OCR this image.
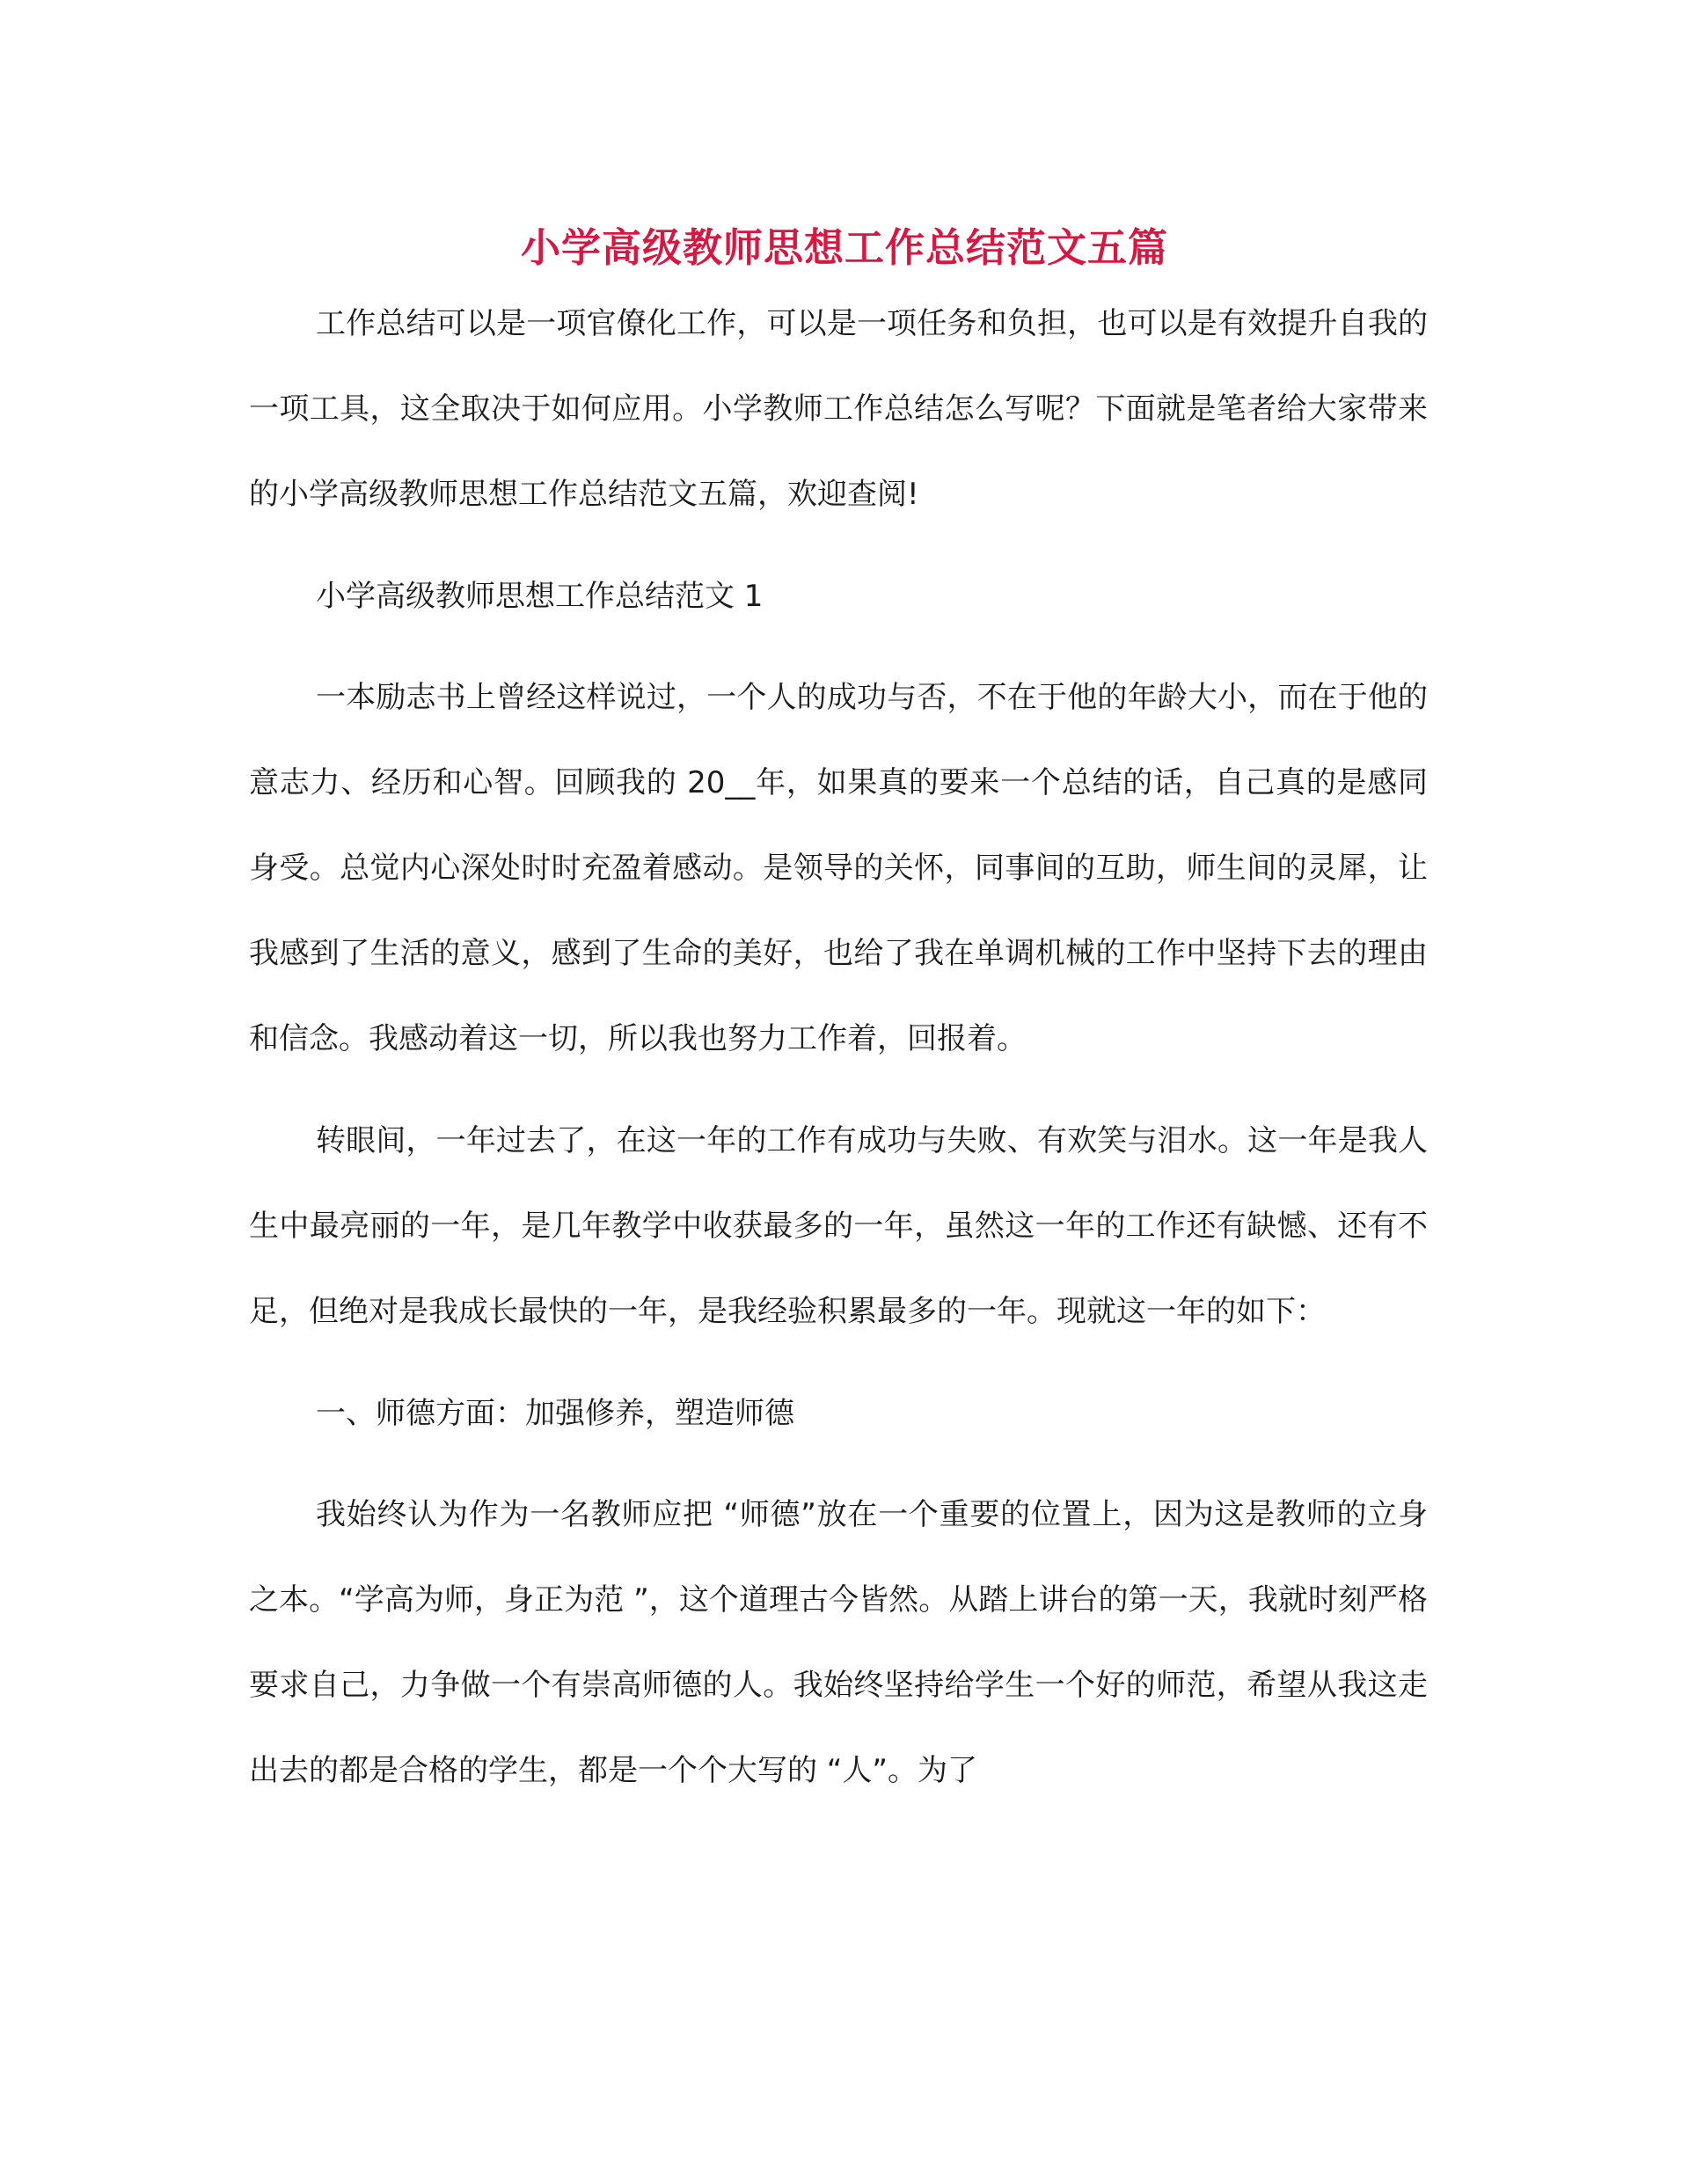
小学高级教师思想工作总结范文五篇

工作总结可以是一项官僚化工作，可以是一项任务和负担，也可以是有效提升自我的一项工具，这全取决于如何应用。小学教师工作总结怎么写呢？下面就是笔者给大家带来的小学高级教师思想工作总结范文五篇，欢迎查阅!

小学高级教师思想工作总结范文 1

一本励志书上曾经这样说过，一个人的成功与否，不在于他的年龄大小，而在于他的意志力、经历和心智。回顾我的 20__年，如果真的要来一个总结的话，自己真的是感同身受。总觉内心深处时时充盈着感动。是领导的关怀，同事间的互助，师生间的灵犀，让我感到了生活的意义，感到了生命的美好，也给了我在单调机械的工作中坚持下去的理由和信念。我感动着这一切，所以我也努力工作着，回报着。

转眼间，一年过去了，在这一年的工作有成功与失败、有欢笑与泪水。这一年是我人生中最亮丽的一年，是几年教学中收获最多的一年，虽然这一年的工作还有缺憾、还有不足，但绝对是我成长最快的一年，是我经验积累最多的一年。现就这一年的如下：

一、师德方面：加强修养，塑造师德

我始终认为作为一名教师应把 “师德”放在一个重要的位置上，因为这是教师的立身之本。“学高为师，身正为范 ”，这个道理古今皆然。从踏上讲台的第一天，我就时刻严格要求自己，力争做一个有崇高师德的人。我始终坚持给学生一个好的师范，希望从我这走出去的都是合格的学生，都是一个个大写的 “人”。为了
